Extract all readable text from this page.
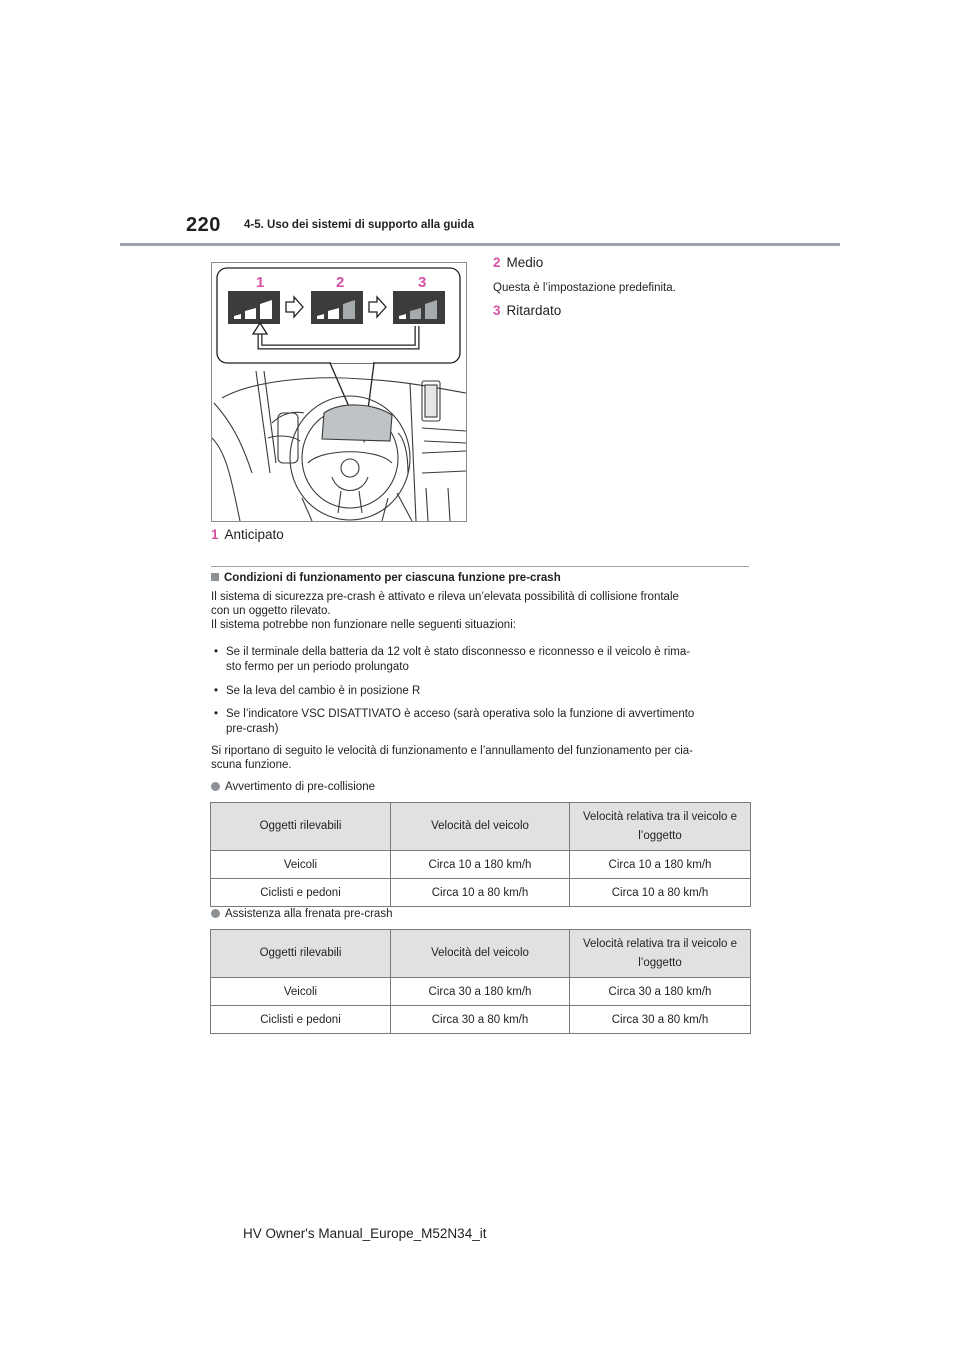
220 4-5. Uso dei sistemi di supporto alla guida
1	2	3
1 Anticipato
2 Medio
Questa è l’impostazione predefinita.
3 Ritardato
Condizioni di funzionamento per ciascuna funzione pre-crash
Il sistema di sicurezza pre-crash è attivato e rileva un’elevata possibilità di collisione frontale
con un oggetto rilevato.
Il sistema potrebbe non funzionare nelle seguenti situazioni:
• Se il terminale della batteria da 12 volt è stato disconnesso e riconnesso e il veicolo è rima-
sto fermo per un periodo prolungato
• Se la leva del cambio è in posizione R
• Se l’indicatore VSC DISATTIVATO è acceso (sarà operativa solo la funzione di avvertimento
pre-crash)
Si riportano di seguito le velocità di funzionamento e l’annullamento del funzionamento per cia-
scuna funzione.
Avvertimento di pre-collisione
Oggetti rilevabili	Velocità del veicolo	Velocità relativa tra il veicolo e
l’oggetto
Veicoli	Circa 10 a 180 km/h	Circa 10 a 180 km/h
Ciclisti e pedoni	Circa 10 a 80 km/h	Circa 10 a 80 km/h
Assistenza alla frenata pre-crash
Oggetti rilevabili	Velocità del veicolo	Velocità relativa tra il veicolo e
l’oggetto
Veicoli	Circa 30 a 180 km/h	Circa 30 a 180 km/h
Ciclisti e pedoni	Circa 30 a 80 km/h	Circa 30 a 80 km/h
HV Owner's Manual_Europe_M52N34_it
